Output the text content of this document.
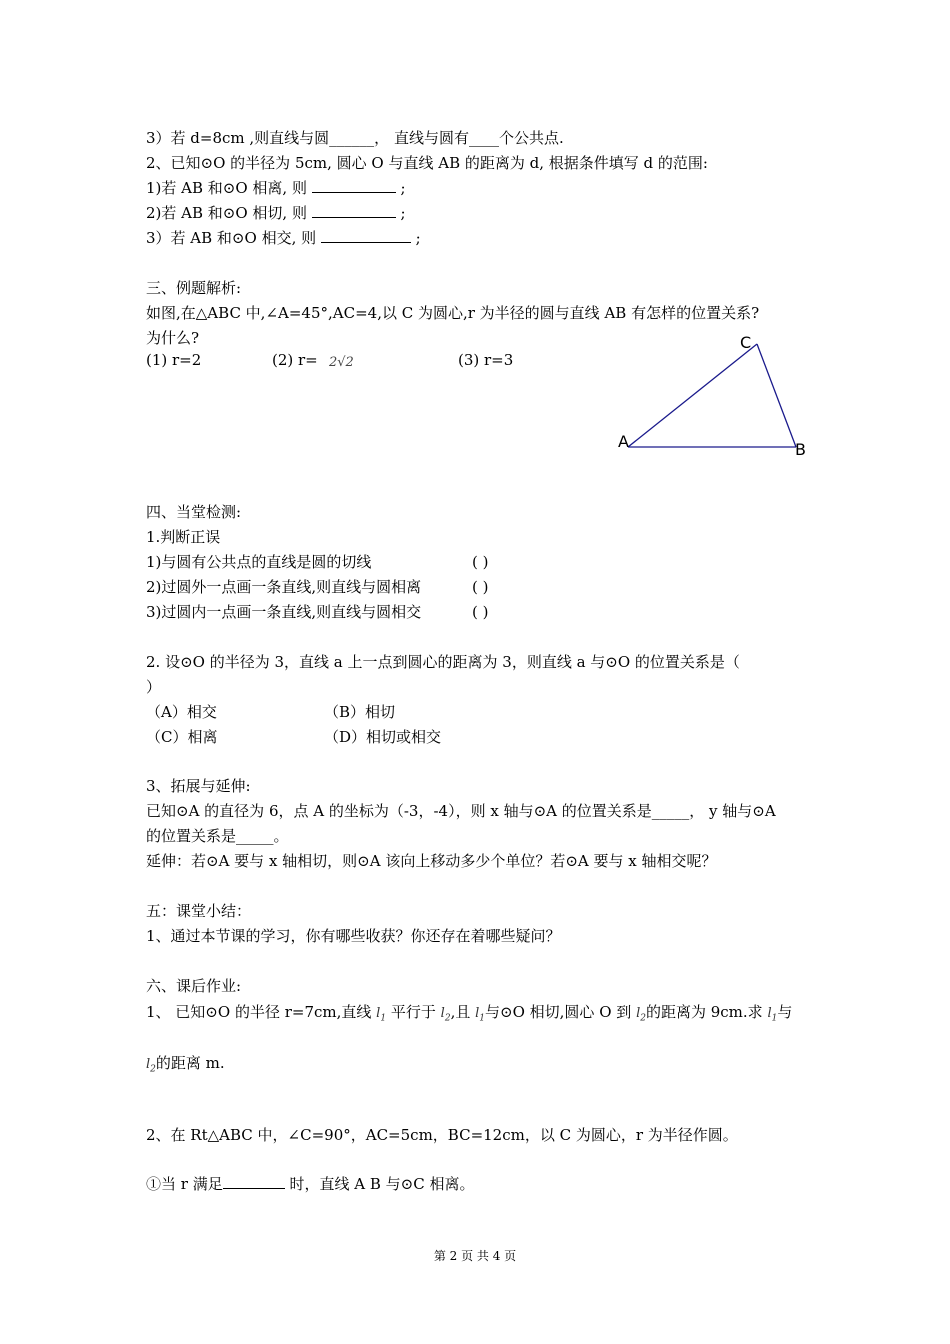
3）若 d=8cm ,则直线与圆______， 直线与圆有____个公共点.
2、已知⊙O 的半径为 5cm, 圆心 O 与直线 AB 的距离为 d, 根据条件填写 d 的范围:
1)若 AB 和⊙O 相离, 则	;
2)若 AB 和⊙O 相切, 则	;
3）若 AB 和⊙O 相交, 则	;
三、例题解析:
如图,在△ABC 中,∠A=45°,AC=4,以 C 为圆心,r 为半径的圆与直线 AB 有怎样的位置关系?
为什么?
(1) r=2	(2) r= 2√2	(3) r=3
A
C
B
四、当堂检测:
1.判断正误
1)与圆有公共点的直线是圆的切线	( )
2)过圆外一点画一条直线,则直线与圆相离	( )
3)过圆内一点画一条直线,则直线与圆相交	( )
2. 设⊙O 的半径为 3，直线 a 上一点到圆心的距离为 3，则直线 a 与⊙O 的位置关系是（
）
（A）相交	（B）相切
（C）相离	（D）相切或相交
3、拓展与延伸:
已知⊙A 的直径为 6，点 A 的坐标为（-3，-4），则 x 轴与⊙A 的位置关系是_____， y 轴与⊙A
的位置关系是_____。
延伸：若⊙A 要与 x 轴相切，则⊙A 该向上移动多少个单位？若⊙A 要与 x 轴相交呢？
五：课堂小结：
1、通过本节课的学习，你有哪些收获？你还存在着哪些疑问？
六、课后作业:
1、 已知⊙O 的半径 r=7cm,直线 $l_1$ 平行于 $l_2$,且 $l_1$与⊙O 相切,圆心 O 到 $l_2$的距离为 9cm.求 $l_1$与
$l_2$的距离 m.
2、在 Rt△ABC 中，∠C=90°，AC=5cm，BC=12cm，以 C 为圆心，r 为半径作圆。
①当 r 满足	时，直线 A B 与⊙C 相离。
第 2 页 共 4 页
